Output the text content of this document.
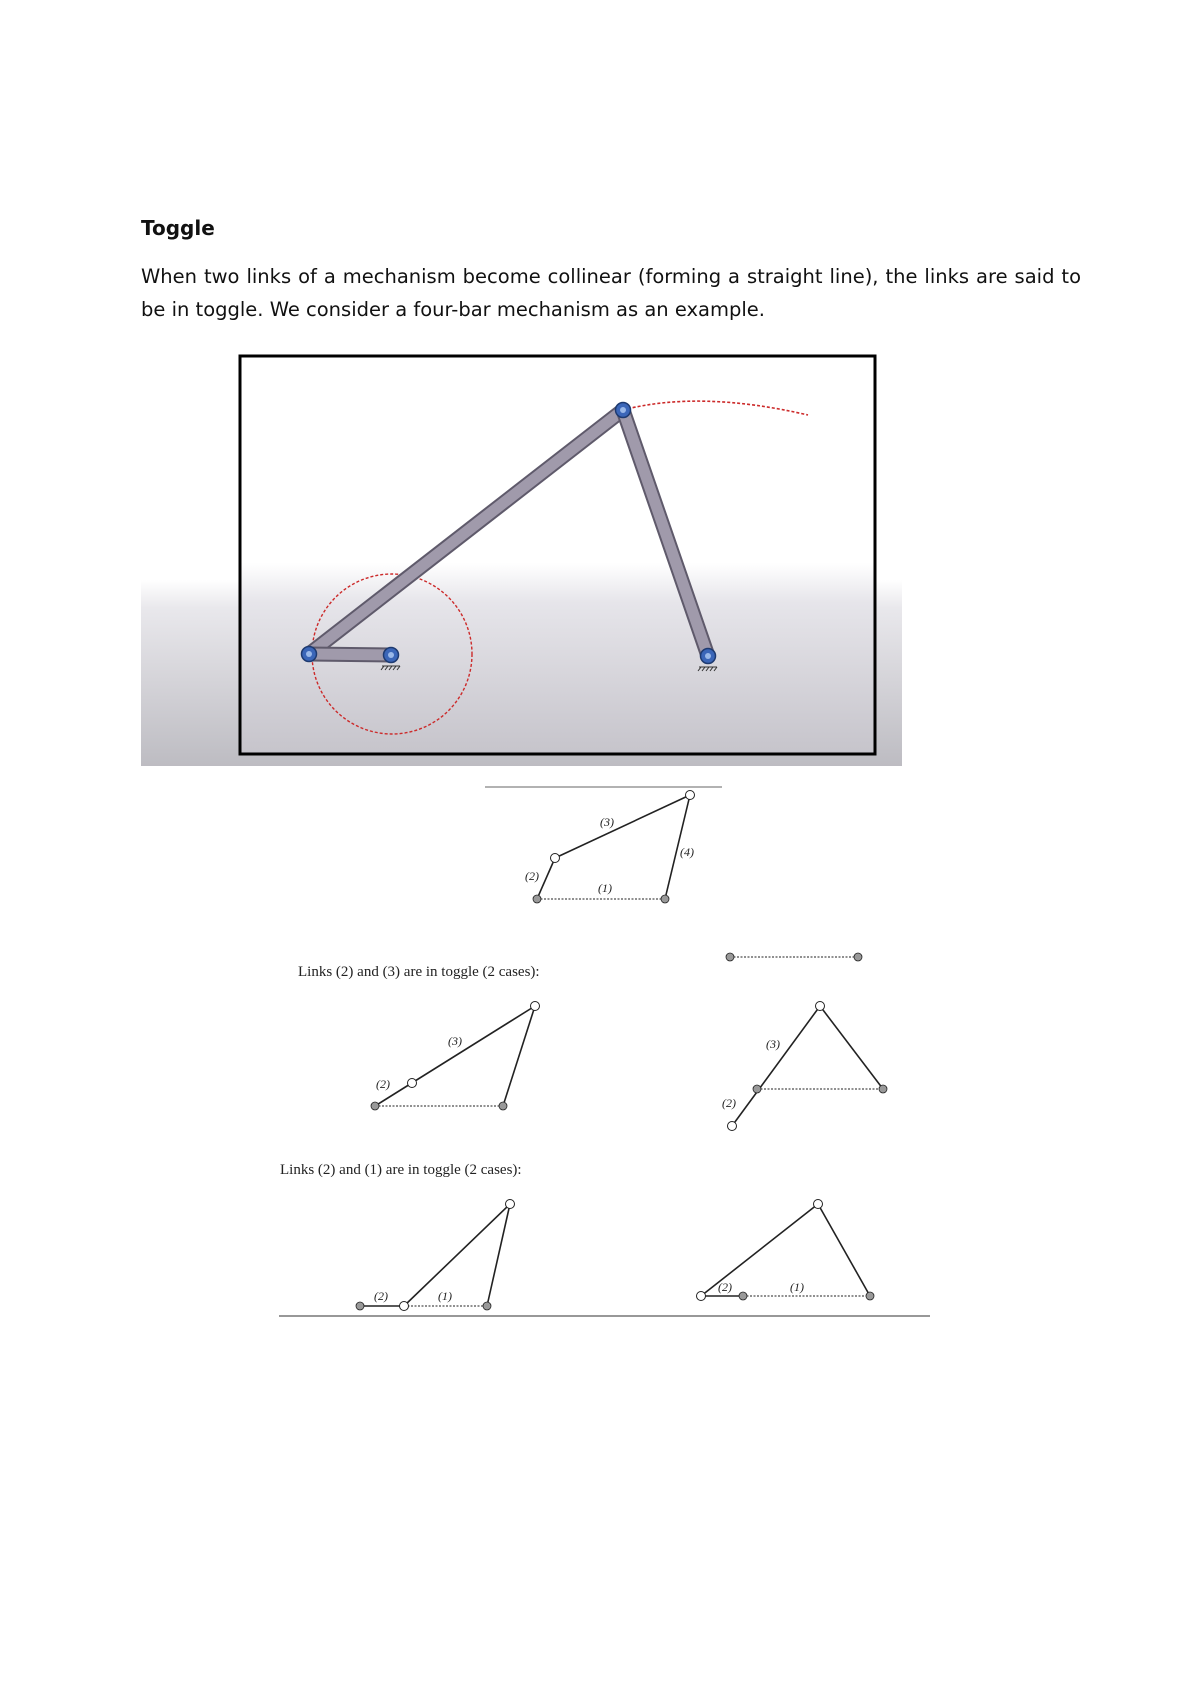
Toggle
When two links of a mechanism become collinear (forming a straight line), the links are said to be in toggle. We consider a four-bar mechanism as an example.
(3)
(4)
(2)
(1)
(3)
(2)
(3)
(2)
(2)	(1)
(2)	(1)
Links (2) and (3) are in toggle (2 cases):
Links (2) and (1) are in toggle (2 cases):
